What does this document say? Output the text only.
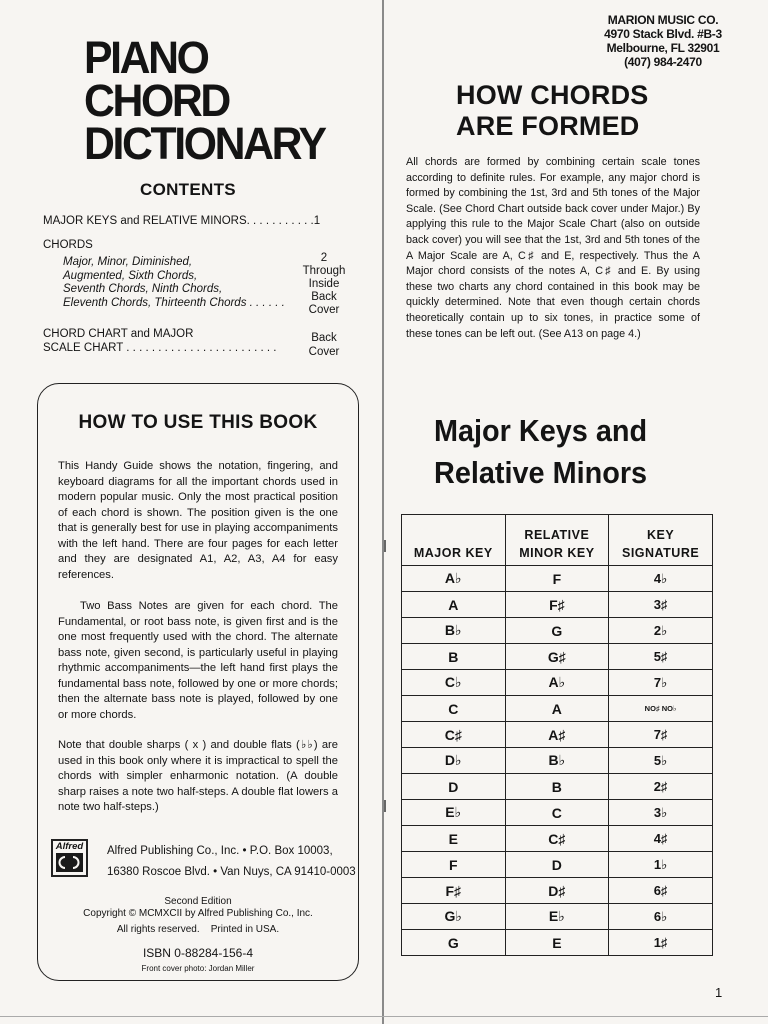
PIANO
CHORD
DICTIONARY
CONTENTS
MAJOR KEYS and RELATIVE MINORS. . . . . . . . . . .1
CHORDS
Major, Minor, Diminished,
Augmented, Sixth Chords,
Seventh Chords, Ninth Chords,
Eleventh Chords, Thirteenth Chords . . . . . .
2
Through
Inside
Back
Cover
CHORD CHART and MAJOR
SCALE CHART . . . . . . . . . . . . . . . . . . . . . . . .
Back
Cover
HOW TO USE THIS BOOK

This Handy Guide shows the notation, fingering, and keyboard diagrams for all the important chords used in modern popular music. Only the most practical position of each chord is shown. The position given is the one that is generally best for use in playing accompaniments with the left hand. There are four pages for each letter and they are designated A1, A2, A3, A4 for easy references.

Two Bass Notes are given for each chord. The Fundamental, or root bass note, is given first and is the one most frequently used with the chord. The alternate bass note, given second, is particularly useful in playing rhythmic accompaniments—the left hand first plays the fundamental bass note, followed by one or more chords; then the alternate bass note is played, followed by one or more chords.

Note that double sharps ( x ) and double flats (♭♭) are used in this book only where it is impractical to spell the chords with simpler enharmonic notation. (A double sharp raises a note two half-steps. A double flat lowers a note two half-steps.)

Alfred Alfred Publishing Co., Inc. • P.O. Box 10003,
16380 Roscoe Blvd. • Van Nuys, CA 91410-0003
Second Edition
Copyright © MCMXCII by Alfred Publishing Co., Inc.
All rights reserved.    Printed in USA.
ISBN 0-88284-156-4
Front cover photo: Jordan Miller
MARION MUSIC CO.
4970 Stack Blvd. #B-3
Melbourne, FL 32901
(407) 984-2470
HOW CHORDS
ARE FORMED

All chords are formed by combining certain scale tones according to definite rules. For example, any major chord is formed by combining the 1st, 3rd and 5th tones of the Major Scale. (See Chord Chart outside back cover under Major.) By applying this rule to the Major Scale Chart (also on outside back cover) you will see that the 1st, 3rd and 5th tones of the A Major Scale are A, C♯ and E, respectively. Thus the A Major chord consists of the notes A, C♯ and E. By using these two charts any chord contained in this book may be quickly determined. Note that even though certain chords theoretically contain up to six tones, in practice some of these tones can be left out. (See A13 on page 4.)

Major Keys and
Relative Minors
MAJOR KEY	RELATIVE MINOR KEY	KEY SIGNATURE
A♭	F	4♭
A	F♯	3♯
B♭	G	2♭
B	G♯	5♯
C♭	A♭	7♭
C	A	NO♯ NO♭
C♯	A♯	7♯
D♭	B♭	5♭
D	B	2♯
E♭	C	3♭
E	C♯	4♯
F	D	1♭
F♯	D♯	6♯
G♭	E♭	6♭
G	E	1♯
1
